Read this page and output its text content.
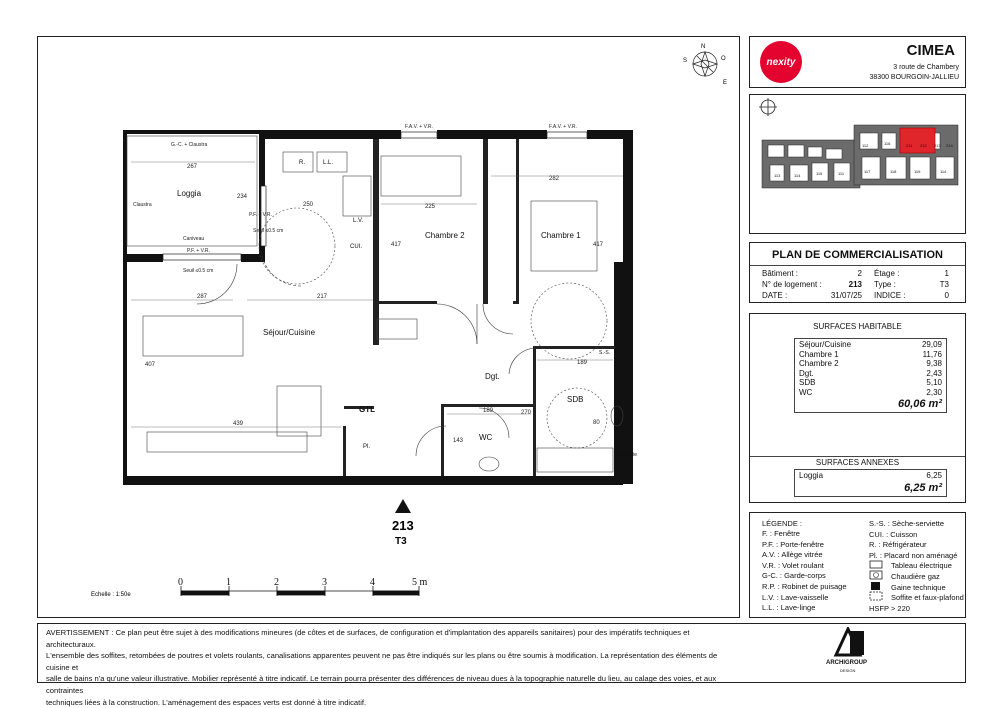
nexity
CIMEA
3 route de Chambery
38300 BOURGOIN-JALLIEU
211 212 213 214
113	114	115	111
112	116
117	118	119	114
PLAN DE COMMERCIALISATION
Bâtiment :	2 Étage :	1
N° de logement :	213 Type :	T3
DATE :	31/07/25 INDICE :	0
SURFACES HABITABLE
Séjour/Cuisine	29,09
Chambre 1	11,76
Chambre 2	9,38
Dgt.	2,43
SDB	5,10
WC	2,30
60,06 m²
SURFACES ANNEXES
Loggia	6,25
6,25 m²
LÉGENDE :
F. : Fenêtre
P.F. : Porte-fenêtre
A.V. : Allège vitrée
V.R. : Volet roulant
G-C. : Garde-corps
R.P. : Robinet de puisage
L.V. : Lave-vaisselle
L.L. : Lave-linge
S.-S. : Sèche-serviette
CUI. : Cuisson
R. : Réfrigérateur
Pl. : Placard non aménagé
Tableau électrique
Chaudière gaz
Gaine technique
Soffite et faux-plafond
HSFP > 220
AVERTISSEMENT : Ce plan peut être sujet à des modifications mineures (de côtes et de surfaces, de configuration et d'implantation des appareils sanitaires) pour des impératifs techniques et architecturaux.
L'ensemble des soffites, retombées de poutres et volets roulants, canalisations apparentes peuvent ne pas être indiqués sur les plans ou être soumis à modification. La représentation des éléments de cuisine et
salle de bains n'a qu'une valeur illustrative. Mobilier représenté à titre indicatif. Le terrain pourra présenter des différences de niveau dues à la topographie naturelle du lieu, au calage des voies, et aux contraintes
techniques liées à la construction. L'aménagement des espaces verts est donné à titre indicatif.
ARCHIGROUP
DESIGN
N
E
S	O
Loggia
Chambre 2	Chambre 1
Séjour/Cuisine
Dgt.
SDB
WC
GTL
CUI.
R.	L.L.
L.V.
Pl.
S.-S.
Penderie
F.A.V. + V.R.	F.A.V. + V.R.
G.-C. + Claustra
Claustra
Caniveau
P.F. + V.R.
P.F. + V.R.
Seuil ≤0.5 cm
Seuil ≤0.5 cm
267
234
250	225
282
417	417
287	217
407
439
189
189
143
270
80
213
T3
0	1	2	3	4	5 m
Echelle : 1:50e
